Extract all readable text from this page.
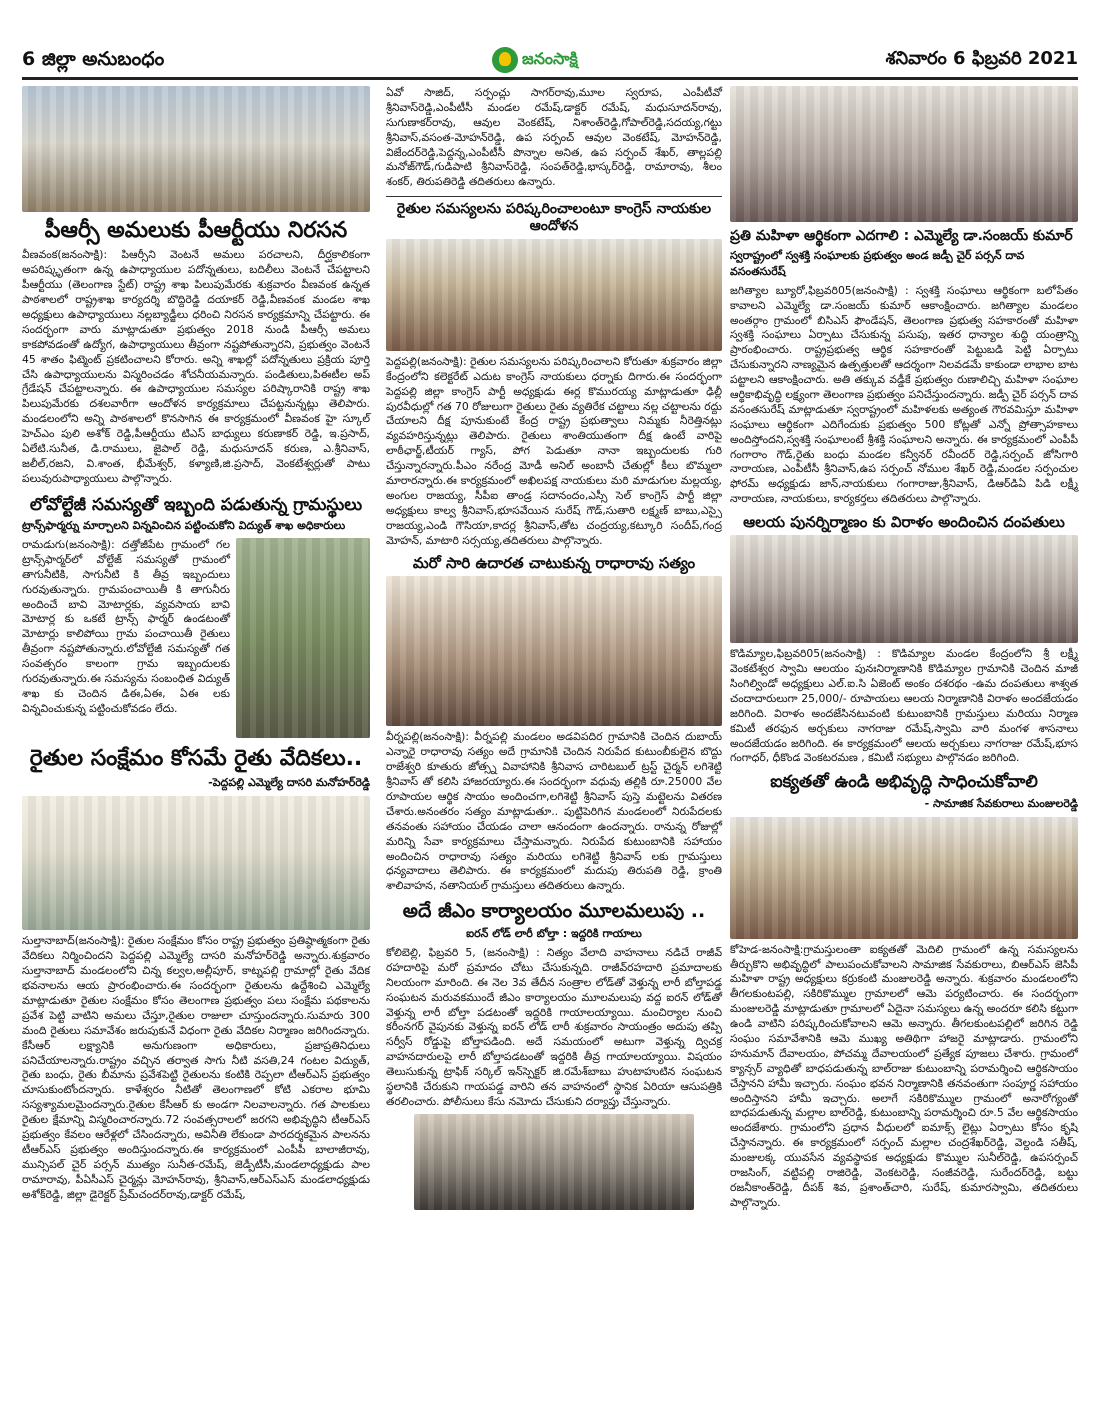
6 జిల్లా అనుబంధం	జనంసాక్షి	శనివారం 6 ఫిబ్రవరి 2021
పీఆర్సీ అమలుకు పీఆర్టీయు నిరసన
వీణవంక(జనంసాక్షి): పిఆర్సీని వెంటనే అమలు పరచాలని, దీర్ఘకాలికంగా అపరిష్కృతంగా ఉన్న ఉపాధ్యాయుల పదోన్నతులు, బదిలీలు వెంటనే చేపట్టాలని పీఆర్టీయు (తెలంగాణ స్టేట్) రాష్ట్ర శాఖ పిలుపుమేరకు శుక్రవారం వీణవంక ఉన్నత పాఠశాలలో రాష్ట్రశాఖ కార్యదర్శి బొద్దిరెడ్డి దయాకర్ రెడ్డి,వీణవంక మండల శాఖ అధ్యక్షులు ఉపాధ్యాయులు నల్లబ్యాడ్జీలు ధరించి నిరసన కార్యక్రమాన్ని చేపట్టారు. ఈ సందర్భంగా వారు మాట్లాడుతూ ప్రభుత్వం 2018 నుండి పీఆర్సీ అమలు కాకపోవడంతో ఉద్యోగ, ఉపాధ్యాయులు తీవ్రంగా నష్టపోతున్నారని, ప్రభుత్వం వెంటనే 45 శాతం ఫిట్మెంట్ ప్రకటించాలని కోరారు. అన్ని శాఖల్లో పదోన్నతులు ప్రక్రియ పూర్తి చేసి ఉపాధ్యాయులను విస్మరించడం శోచనీయమన్నారు. పండితులు,పిఈటీల అప్ గ్రేడేషన్ చేపట్టాలన్నారు. ఈ ఉపాధ్యాయుల సమస్యల పరిష్కారానికి రాష్ట్ర శాఖ పిలుపుమేరకు దశలవారీగా ఆందోళన కార్యక్రమాలు చేపట్టనున్నట్లు తెలిపారు. మండలంలోని అన్ని పాఠశాలలో కొనసాగిన ఈ కార్యక్రమంలో వీణవంక హై స్కూల్ హెచ్‌ఎం పులి అశోక్ రెడ్డి,పీఆర్టీయు టిఎస్ బాధ్యులు కరుణాకర్ రెడ్డి, ఇ.ప్రసాద్, ఏలేటి.సునీత, డి.రాములు, జైపాల్ రెడ్డి, మధుసూదన్ కరుణ, ఎ.శ్రీనివాస్, జలీల్,రజని, వి.శాంత, భీమేశ్వర్, కళ్యాణి,జి.ప్రసాద్, వెంకటేశ్వర్లుతో పాటు పలువురుపాధ్యాయులు పాల్గొన్నారు.
లోవోల్టేజీ సమస్యతో ఇబ్బంది పడుతున్న గ్రామస్థులు
ట్రాన్స్‌ఫార్మర్ను మార్చాలని విన్నవించిన పట్టించుకోని విద్యుత్ శాఖ అధికారులు
రామడుగు(జనంసాక్షి): దత్తోజీపేట గ్రామంలో గల ట్రాన్స్‌ఫార్మర్‌లో వోల్టేజ్ సమస్యతో గ్రామంలో తాగునీటికి, సాగునీటి కి తీవ్ర ఇబ్బందులు గురవుతున్నారు. గ్రామపంచాయితీ కి తాగునీరు అందించే బావి మోటార్లకు, వ్యవసాయ బావి మోటార్ల కు ఒకటే ట్రాన్స్ ఫార్మర్ ఉండటంతో మోటార్లు కాలిపోయి గ్రామ పంచాయితీ రైతులు తీవ్రంగా నష్టపోతున్నారు.లోవోల్టేజీ సమస్యతో గత సంవత్సరం కాలంగా గ్రామ ఇబ్బందులకు గురవుతున్నారు.ఈ సమస్యను సంబంధిత విద్యుత్ శాఖ కు చెందిన డిఈ,ఏఈ, ఏఈ లకు విన్నవించుకున్న పట్టించుకోవడం లేదు.
రైతుల సంక్షేమం కోసమే రైతు వేదికలు..
-పెద్దపల్లి ఎమ్మెల్యే దాసరి మనోహర్‌రెడ్డి
సుల్తానాబాద్(జనంసాక్షి): రైతుల సంక్షేమం కోసం రాష్ట్ర ప్రభుత్వం ప్రతిష్ఠాత్మకంగా రైతు వేదికలు నిర్మించిందని పెద్దపల్లి ఎమ్మెల్యే దాసరి మనోహర్‌రెడ్డి అన్నారు.శుక్రవారం సుల్తానాబాద్ మండలంలోని చిన్న కల్వల,అల్లీపూర్, కాట్నపల్లి గ్రామాల్లో రైతు వేదిక భవనాలను ఆయ ప్రారంభించారు.ఈ సందర్భంగా రైతులను ఉద్దేశించి ఎమ్మెల్యే మాట్లాడుతూ రైతుల సంక్షేమం కోసం తెలంగాణ ప్రభుత్వం పలు సంక్షేమ పథకాలను ప్రవేశ పెట్టి వాటిని అమలు చేస్తూ,రైతుల రాజులా చూస్తుందన్నారు.సుమారు 300 మంది రైతులు సమావేశం జరుపుకునే విధంగా రైతు వేదికల నిర్మాణం జరిగిందన్నారు. కేసీఆర్ లక్ష్యానికి అనుగుణంగా అధికారులు, ప్రజాప్రతినిధులు పనిచేయాలన్నారు.రాష్ట్రం వచ్చిన తర్వాత సాగు నీటి వసతి,24 గంటల విద్యుత్, రైతు బంధు, రైతు బీమాను ప్రవేశపెట్టి రైతులను కంటికి రెప్పలా టీఆర్ఎస్ ప్రభుత్వం చూసుకుంటోందన్నారు. కాళేశ్వరం నీటితో తెలంగాణలో కోటి ఎకరాల భూమి సస్యశ్యామలమైందన్నారు.రైతుల కేసీఆర్ కు అండగా నిలవాలన్నారు. గత పాలకులు రైతుల క్షేమాన్ని విస్మరించారన్నారు.72 సంవత్సరాలలో జరగని అభివృద్ధిని టీఆర్ఎస్ ప్రభుత్వం కేవలం ఆరేళ్లలో చేసిందన్నారు, అవినీతి లేకుండా పారదర్శకమైన పాలనను టీఆర్ఎస్ ప్రభుత్వం అందిస్తుందన్నారు.ఈ కార్యక్రమంలో ఎంపీపీ బాలాజీరావు, మున్సిపల్ చైర్ పర్సన్ ముత్యం సునీత-రమేష్, జెడ్పీటీసీ,మండలాధ్యక్షుడు పాల రామారావు, పీఏసీఎస్ చైర్మన్లు మోహన్‌రావు, శ్రీనివాస్,ఆర్ఎస్ఎస్ మండలాధ్యక్షుడు అశోక్‌రెడ్డి, జిల్లా డైరెక్టర్ ప్రేమ్‌చందర్‌రావు,డాక్టర్ రమేష్,
ఏవో సాజిద్, సర్పంచ్లు సాగర్‌రావు,మూల స్వరూప, ఎంపీటీవో శ్రీనివాస్‌రెడ్డి,ఎంపీటీసీ మండల రమేష్,డాక్టర్ రమేష్, మధుసూదన్‌రావు, సుగుణాకర్‌రావు, ఆవుల వెంకటేష్, నిశాంత్‌రెడ్డి,గోపాల్‌రెడ్డి,సదయ్య,గట్టు శ్రీనివాస్,వసంత-మోహన్‌రెడ్డి, ఉప సర్పంచ్ ఆవుల వెంకటేష్, మోహన్‌రెడ్డి, విజేందర్‌రెడ్డి,పెద్దన్న,ఎంపీటీసీ పొన్నాల అనిత, ఉప సర్పంచ్ శేఖర్, తాల్లపల్లి మనోజ్‌గౌడ్,గుడిపాటి శ్రీనివాస్‌రెడ్డి, సంపత్‌రెడ్డి,భాస్కర్‌రెడ్డి, రామారావు, శీలం శంకర్, తిరుపతిరెడ్డి తదితరులు ఉన్నారు.
రైతుల సమస్యలను పరిష్కరించాలంటూ కాంగ్రెస్ నాయకుల ఆందోళన
పెద్దపల్లి(జనంసాక్షి): రైతుల సమస్యలను పరిష్కరించాలని కోరుతూ శుక్రవారం జిల్లా కేంద్రంలోని కలెక్టరేట్ ఎదుట కాంగ్రెస్ నాయకులు ధర్నాకు దిగారు.ఈ సందర్భంగా పెద్దపల్లి జిల్లా కాంగ్రెస్ పార్టీ అధ్యక్షుడు ఈర్ల కొమురయ్య మాట్లాడుతూ ఢిల్లీ పురవీధుల్లో గత 70 రోజులుగా రైతులు రైతు వ్యతిరేక చట్టాలు నల్ల చట్టాలను రద్దు చేయాలని దీక్ష పూనుకుంటే కేంద్ర రాష్ట్ర ప్రభుత్వాలు నిమ్మకు నీరెత్తినట్లు వ్యవహరిస్తున్నట్లు తెలిపారు. రైతులు శాంతియుతంగా దీక్ష ఉంటే వారిపై లాఠీఛార్జ్,టీయర్ గ్యాస్, పోగ పెడుతూ నానా ఇబ్బందులకు గురి చేస్తున్నారన్నారు.పీఎం నరేంద్ర మోడీ అనిల్ అంబానీ చేతుల్లో కీలు బొమ్మలా మారారన్నారు.ఈ కార్యక్రమంలో అఖిలపక్ష నాయకులు మరి మాడుగుల మల్లయ్య, అంగుల రాజయ్య, సీపీఐ తాండ్ర సదానందం,ఎస్సీ సెల్ కాంగ్రెస్ పార్టీ జిల్లా అధ్యక్షులు కాల్వ శ్రీనివాస్,భూసవేయిన సురేష్ గౌడ్,సుతారి లక్ష్మణ్ బాబు,ఎస్సై రాజయ్య,ఎండి గౌసియా,కాదర్ల శ్రీనివాస్,తోట చంద్రయ్య,కట్కూరి సందీప్,గంద్ర మోహన్, మాటారి సర్సయ్య,తదితరులు పాల్గొన్నారు.
మరో సారి ఉదారత చాటుకున్న రాధారావు సత్యం
వీర్నపల్లి(జనంసాక్షి): వీర్నపల్లి మండలం అడవిపదిర గ్రామానికి చెందిన దుబాయ్ ఎన్నారై రాధారావు సత్యం అదే గ్రామానికి చెందిన నిరుపేద కుటుంబీకులైన బొద్దు రాజేశ్వరి కూతురు జోత్స్న వివాహానికి శ్రీనివాస చారిటబుల్ ట్రస్ట్ చైర్మన్ లగిశెట్టి శ్రీనివాస్ తో కలిసి హాజరయ్యారు.ఈ సందర్భంగా వధువు తల్లికి రూ.25000 వేల రూపాయల ఆర్థిక సాయం అందించగా,లగిశెట్టి శ్రీనివాస్ పుస్తె మట్టెలను వితరణ చేశారు.అనంతరం సత్యం మాట్లాడుతూ.. పుట్టిపెరిగిన మండలంలో నిరుపేదలకు తనవంతు సహాయం చేయడం చాలా ఆనందంగా ఉందన్నారు. రానున్న రోజుల్లో మరిన్ని సేవా కార్యక్రమాలు చేస్తామన్నారు. నిరుపేద కుటుంబానికి సహాయం అందించిన రాధారావు సత్యం మరియు లగిశెట్టి శ్రీనివాస్ లకు గ్రామస్తులు ధన్యవాదాలు తెలిపారు. ఈ కార్యక్రమంలో మదుపు తిరుపతి రెడ్డి, క్రాంతి శాలివాహన, నతానియల్ గ్రామస్తులు తదితరులు ఉన్నారు.
అదే జీఎం కార్యాలయం మూలమలుపు ..
ఐరన్ లోడ్ లారీ బోల్తా : ఇద్దరికి గాయాలు
కోలిబెల్లి, ఫిబ్రవరి 5, (జనంసాక్షి) : నిత్యం వేలాది వాహనాలు నడిచే రాజీవ్ రహదారిపై మరో ప్రమాదం చోటు చేసుకున్నది. రాజీవ్‌రహదారి ప్రమాదాలకు నిలయంగా మారింది. ఈ నెల 3వ తేదీన సంత్రాల లోడ్‌తో వెళ్తున్న లారీ బోల్తాపడ్డ సంఘటన మరువకముందే జీఎం కార్యాలయం మూలమలుపు వద్ద ఐరన్ లోడ్‌తో వెళ్తున్న లారీ బోల్తా పడటంతో ఇద్దరికి గాయాలయ్యాయి. మంచిర్యాల నుంచి కరీంనగర్ వైపునకు వెళ్తున్న ఐరన్ లోడ్ లారీ శుక్రవారం సాయంత్రం అదుపు తప్పి సర్వీస్ రోడ్డుపై బోల్తాపడింది. అదే సమయంలో అటుగా వెళ్తున్న ద్విచక్ర వాహనదారులపై లారీ బోల్తాపడటంతో ఇద్దరికి తీవ్ర గాయాలయ్యాయి. విషయం తెలుసుకున్న ట్రాఫిక్ సర్కిల్ ఇన్‌స్పెక్టర్ జి.రమేశ్‌బాబు హుటాహుటిన సంఘటన స్థలానికి చేరుకుని గాయపడ్డ వారిని తన వాహనంలో స్థానిక ఏరియా ఆసుపత్రికి తరలించారు. పోలీసులు కేసు నమోదు చేసుకుని దర్యాప్తు చేస్తున్నారు.
ప్రతి మహిళా ఆర్థికంగా ఎదగాలి : ఎమ్మెల్యే డా.సంజయ్ కుమార్
స్వరాష్ట్రంలో స్వశక్తి సంఘాలకు ప్రభుత్వం అండ జడ్పీ చైర్ పర్సన్ దావ వసంతసురేష్
జగిత్యాల బ్యూరో,ఫిబ్రవరి05(జనంసాక్షి) : స్వశక్తి సంఘాలు ఆర్థికంగా బలోపేతం కావాలని ఎమ్మెల్యే డా.సంజయ్ కుమార్ ఆకాంక్షించారు. జగిత్యాల మండలం అంతర్గాం గ్రామంలో బిసిఎస్ ఫౌండేషన్, తెలంగాణ ప్రభుత్వ సహకారంతో మహిళా స్వశక్తి సంఘాలు ఏర్పాటు చేసుకున్న పసుపు, ఇతర ధాన్యాల శుద్ధి యంత్రాన్ని ప్రారంభించారు. రాష్ట్రప్రభుత్వ ఆర్థిక సహకారంతో పెట్టుబడి పెట్టి ఏర్పాటు చేసుకున్నారని నాణ్యమైన ఉత్పత్తులతో ఆదర్శంగా నిలవడమే కాకుండా లాభాల బాట పట్టాలని ఆకాంక్షించారు. అతి తక్కువ వడ్డీకే ప్రభుత్వం రుణాలిచ్చి మహిళా సంఘాల ఆర్థికాభివృద్ధి లక్ష్యంగా తెలంగాణ ప్రభుత్వం పనిచేస్తుందన్నారు. జడ్పీ చైర్ పర్సన్ దావ వసంతసురేష్ మాట్లాడుతూ స్వరాష్ట్రంలో మహిళలకు అత్యంత గౌరవమిస్తూ మహిళా సంఘాలు ఆర్థికంగా ఎదిగేందుకు ప్రభుత్వం 500 కోట్లతో ఎన్నో ప్రోత్సాహకాలు అందిస్తోందని,స్వశక్తి సంఘాలంటే శ్రీశక్తి సంఘాలని అన్నారు. ఈ కార్యక్రమంలో ఎంపీపీ గంగారాం గౌడ్,రైతు బంధు మండల కన్వీనర్ రవీందర్ రెడ్డి,సర్పంచ్ జోసిగారి నారాయణ, ఎంపీటీసీ శ్రీనివాస్,ఉప సర్పంచ్ నోముల శేఖర్ రెడ్డి,మండల సర్పంచుల ఫోరమ్ అధ్యక్షుడు జాన్,నాయకులు గంగారాజు,శ్రీనివాస్, డిఆర్‌డిఏ పిడి లక్ష్మీ నారాయణ, నాయకులు, కార్యకర్తలు తదితరులు పాల్గొన్నారు.
ఆలయ పునర్నిర్మాణం కు విరాళం అందించిన దంపతులు
కొడిమ్యాల,ఫిబ్రవరి05(జనంసాక్షి) : కొడిమ్యాల మండల కేంద్రంలోని శ్రీ లక్ష్మీ వెంకటేశ్వర స్వామి ఆలయం పునఃనిర్మాణానికి కొడిమ్యాల గ్రామానికి చెందిన మాజీ సింగిల్విండో అధ్యక్షులు ఎల్.ఐ.సి ఏజెంట్ అంకం దశరథం -ఉమ దంపతులు శాశ్వత చందాదారులుగా 25,000/- రూపాయలు ఆలయ నిర్మాణానికి విరాళం అందజేయడం జరిగింది. విరాళం అందజేసినటువంటి కుటుంబానికి గ్రామస్తులు మరియు నిర్మాణ కమిటీ తరఫున అర్చకులు నాగరాజు రమేష్,స్వామి వారి మంగళ శాసనాలు అందజేయడం జరిగింది. ఈ కార్యక్రమంలో ఆలయ అర్చకులు నాగరాజు రమేష్,భూస గంగాధర్, ధీకొండ వెంకటరమణ , కమిటీ సభ్యులు పాల్గొనడం జరిగింది.
ఐక్యతతో ఉండి అభివృద్ధి సాధించుకోవాలి
- సామాజిక సేవకురాలు మంజులరెడ్డి
కోహెడ-జనంసాక్షి:గ్రామస్తులంతా ఐక్యతతో మెదిలి గ్రామంలో ఉన్న సమస్యలను తీర్చుకొని అభివృద్ధిలో పాలుపంచుకోవాలని సామాజిక సేవకురాలు, బిఆర్ఎస్ జెసిపీ మహిళా రాష్ట్ర అధ్యక్షులు కర్రుకంటి మంజులరెడ్డి అన్నారు. శుక్రవారం మండలంలోని తీగలకుంటపల్లి, సకిరికొమ్ముల గ్రామాలలో ఆమె పర్యటించారు. ఈ సందర్భంగా మంజులరెడ్డి మాట్లాడుతూ గ్రామాలలో ఏదైనా సమస్యలు ఉన్న అందరూ కలిసి కట్టుగా ఉండి వాటిని పరిష్కరించుకోవాలని ఆమె అన్నారు. తీగలకుంటపల్లిలో జరిగిన రెడ్డి సంఘం సమావేశానికి ఆమె ముఖ్య అతిథిగా హాజరై మాట్లాడారు. గ్రామంలోని హనుమాన్ దేవాలయం, పోచమ్మ దేవాలయంలో ప్రత్యేక పూజలు చేశారు. గ్రామంలో క్యాన్సర్ వ్యాధితో బాధపడుతున్న బాల్‌రాజు కుటుంబాన్ని పరామర్శించి ఆర్థికసాయం చేస్తానని హామీ ఇచ్చారు. సంఘం భవన నిర్మాణానికి తనవంతుగా సంపూర్ణ సహాయం అందిస్తానని హామీ ఇచ్చారు. అలాగే సకిరికొమ్ముల గ్రామంలో అనారోగ్యంతో బాధపడుతున్న మల్లాల బాల్‌రెడ్డి, కుటుంబాన్ని పరామర్శించి రూ.5 వేల ఆర్థికసాయం అందజేశారు. గ్రామంలోని ప్రధాన వీధులలో ఐమాక్స్ లైట్లు ఏర్పాటు కోసం కృషి చేస్తానన్నారు. ఈ కార్యక్రమంలో సర్పంచ్ మల్లాల చంద్రశేఖర్‌రెడ్డి, వెల్దండి సతీష్, మంజులక్క యువసేన వ్యవస్థాపక అధ్యక్షుడు కొమ్ముల సునీల్‌రెడ్డి, ఉపసర్పంచ్ రాజసింగ్, వట్టిపల్లి రాజిరెడ్డి, వెంకటరెడ్డి, సంజీవరెడ్డి, సురేందర్‌రెడ్డి, బట్టు రజనీకాంత్‌రెడ్డి, దీపక్ శివ, ప్రశాంత్‌చారి, సురేష్, కుమారస్వామి, తదితరులు పాల్గొన్నారు.
